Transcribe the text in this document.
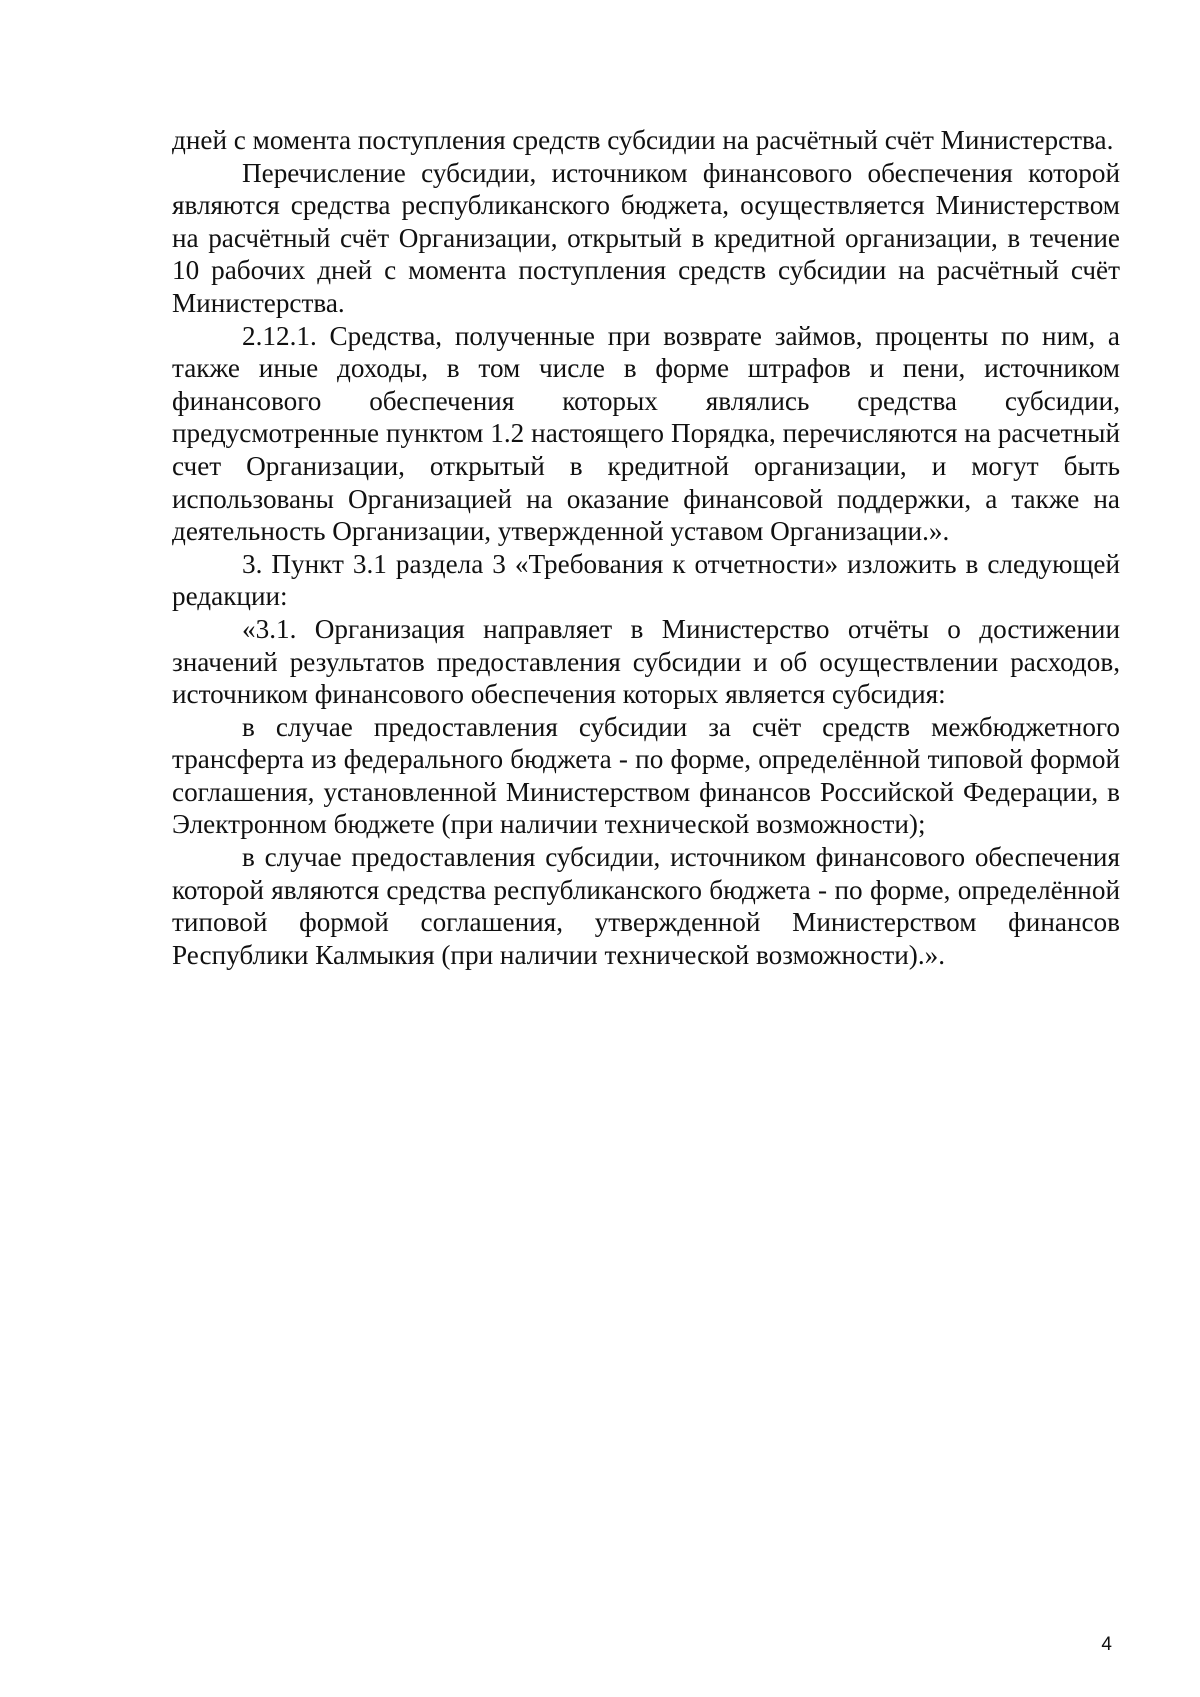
дней с момента поступления средств субсидии на расчётный счёт Министерства.

Перечисление субсидии, источником финансового обеспечения которой являются средства республиканского бюджета, осуществляется Министерством на расчётный счёт Организации, открытый в кредитной организации, в течение 10 рабочих дней с момента поступления средств субсидии на расчётный счёт Министерства.

2.12.1. Средства, полученные при возврате займов, проценты по ним, а также иные доходы, в том числе в форме штрафов и пени, источником финансового обеспечения которых являлись средства субсидии, предусмотренные пунктом 1.2 настоящего Порядка, перечисляются на расчетный счет Организации, открытый в кредитной организации, и могут быть использованы Организацией на оказание финансовой поддержки, а также на деятельность Организации, утвержденной уставом Организации.».

3. Пункт 3.1 раздела 3 «Требования к отчетности» изложить в следующей редакции:

«3.1. Организация направляет в Министерство отчёты о достижении значений результатов предоставления субсидии и об осуществлении расходов, источником финансового обеспечения которых является субсидия:

в случае предоставления субсидии за счёт средств межбюджетного трансферта из федерального бюджета - по форме, определённой типовой формой соглашения, установленной Министерством финансов Российской Федерации, в Электронном бюджете (при наличии технической возможности);

в случае предоставления субсидии, источником финансового обеспечения которой являются средства республиканского бюджета - по форме, определённой типовой формой соглашения, утвержденной Министерством финансов Республики Калмыкия (при наличии технической возможности).».

4
